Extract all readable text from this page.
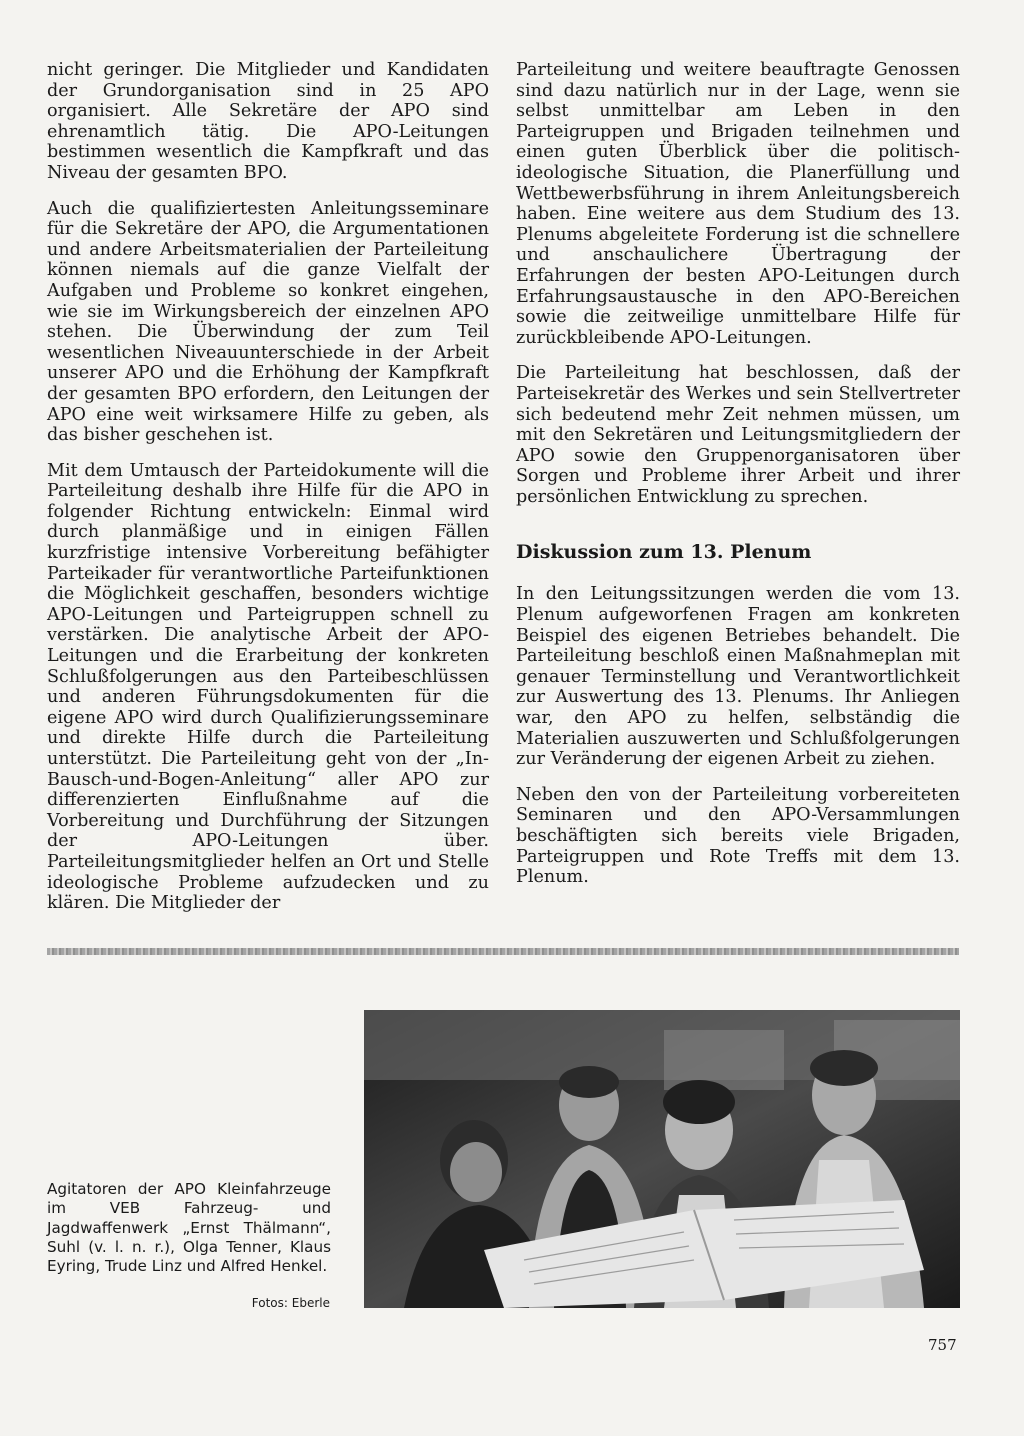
nicht geringer. Die Mitglieder und Kandidaten der Grundorganisation sind in 25 APO organisiert. Alle Sekretäre der APO sind ehrenamtlich tätig. Die APO-Leitungen bestimmen wesentlich die Kampfkraft und das Niveau der gesamten BPO.

Auch die qualifiziertesten Anleitungsseminare für die Sekretäre der APO, die Argumentationen und andere Arbeitsmaterialien der Parteileitung können niemals auf die ganze Vielfalt der Aufgaben und Probleme so konkret eingehen, wie sie im Wirkungsbereich der einzelnen APO stehen. Die Überwindung der zum Teil wesentlichen Niveauunterschiede in der Arbeit unserer APO und die Erhöhung der Kampfkraft der gesamten BPO erfordern, den Leitungen der APO eine weit wirksamere Hilfe zu geben, als das bisher geschehen ist.

Mit dem Umtausch der Parteidokumente will die Parteileitung deshalb ihre Hilfe für die APO in folgender Richtung entwickeln: Einmal wird durch planmäßige und in einigen Fällen kurzfristige intensive Vorbereitung befähigter Parteikader für verantwortliche Parteifunktionen die Möglichkeit geschaffen, besonders wichtige APO-Leitungen und Parteigruppen schnell zu verstärken. Die analytische Arbeit der APO-Leitungen und die Erarbeitung der konkreten Schlußfolgerungen aus den Parteibeschlüssen und anderen Führungsdokumenten für die eigene APO wird durch Qualifizierungsseminare und direkte Hilfe durch die Parteileitung unterstützt. Die Parteileitung geht von der „In-Bausch-und-Bogen-Anleitung“ aller APO zur differenzierten Einflußnahme auf die Vorbereitung und Durchführung der Sitzungen der APO-Leitungen über. Parteileitungsmitglieder helfen an Ort und Stelle ideologische Probleme aufzudecken und zu klären. Die Mitglieder der

Parteileitung und weitere beauftragte Genossen sind dazu natürlich nur in der Lage, wenn sie selbst unmittelbar am Leben in den Parteigruppen und Brigaden teilnehmen und einen guten Überblick über die politisch-ideologische Situation, die Planerfüllung und Wettbewerbsführung in ihrem Anleitungsbereich haben. Eine weitere aus dem Studium des 13. Plenums abgeleitete Forderung ist die schnellere und anschaulichere Übertragung der Erfahrungen der besten APO-Leitungen durch Erfahrungsaustausche in den APO-Bereichen sowie die zeitweilige unmittelbare Hilfe für zurückbleibende APO-Leitungen.

Die Parteileitung hat beschlossen, daß der Parteisekretär des Werkes und sein Stellvertreter sich bedeutend mehr Zeit nehmen müssen, um mit den Sekretären und Leitungsmitgliedern der APO sowie den Gruppenorganisatoren über Sorgen und Probleme ihrer Arbeit und ihrer persönlichen Entwicklung zu sprechen.

Diskussion zum 13. Plenum

In den Leitungssitzungen werden die vom 13. Plenum aufgeworfenen Fragen am konkreten Beispiel des eigenen Betriebes behandelt. Die Parteileitung beschloß einen Maßnahmeplan mit genauer Terminstellung und Verantwortlichkeit zur Auswertung des 13. Plenums. Ihr Anliegen war, den APO zu helfen, selbständig die Materialien auszuwerten und Schlußfolgerungen zur Veränderung der eigenen Arbeit zu ziehen.

Neben den von der Parteileitung vorbereiteten Seminaren und den APO-Versammlungen beschäftigten sich bereits viele Brigaden, Parteigruppen und Rote Treffs mit dem 13. Plenum.

Agitatoren der APO Kleinfahrzeuge im VEB Fahrzeug- und Jagdwaffenwerk „Ernst Thälmann“, Suhl (v. l. n. r.), Olga Tenner, Klaus Eyring, Trude Linz und Alfred Henkel.
Fotos: Eberle
757
